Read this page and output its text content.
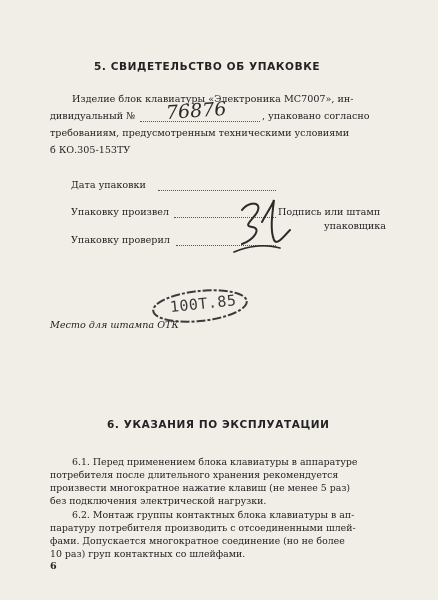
5. СВИДЕТЕЛЬСТВО ОБ УПАКОВКЕ
Изделие блок клавиатуры «Электроника МС7007», ин-
дивидуальный № 76876	, упаковано согласно
требованиям, предусмотренным техническими условиями
б КО.305-153ТУ
Дата упаковки
Упаковку произвел	Подпись или штамп
упаковщика
Упаковку проверил
100Т.85
Место для штампа ОТК
6. УКАЗАНИЯ ПО ЭКСПЛУАТАЦИИ
6.1. Перед применением блока клавиатуры в аппаратуре
потребителя после длительного хранения рекомендуется
произвести многократное нажатие клавиш (не менее 5 раз)
без подключения электрической нагрузки.
6.2. Монтаж группы контактных блока клавиатуры в ап-
паратуру потребителя производить с отсоединенными шлей-
фами. Допускается многократное соединение (но не более
10 раз) груп контактных со шлейфами.
6
